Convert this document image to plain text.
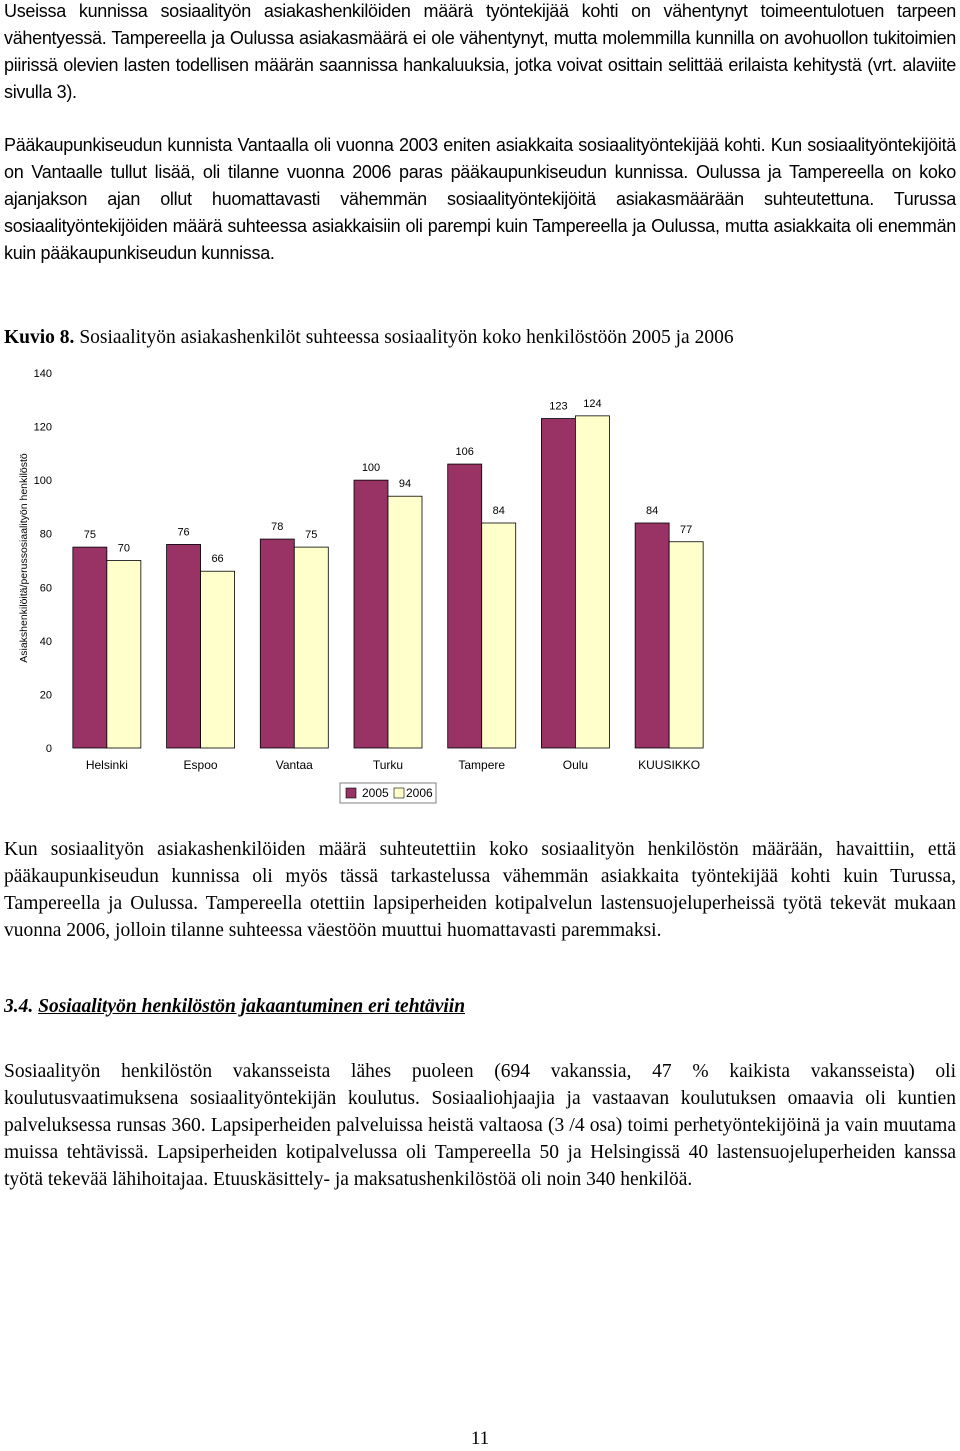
Useissa kunnissa sosiaalityön asiakashenkilöiden määrä työntekijää kohti on vähentynyt toimeentulotuen tarpeen vähentyessä. Tampereella ja Oulussa asiakasmäärä ei ole vähentynyt, mutta molemmilla kunnilla on avohuollon tukitoimien piirissä olevien lasten todellisen määrän saannissa hankaluuksia, jotka voivat osittain selittää erilaista kehitystä (vrt. alaviite sivulla 3).

Pääkaupunkiseudun kunnista Vantaalla oli vuonna 2003 eniten asiakkaita sosiaalityöntekijää kohti. Kun sosiaalityöntekijöitä on Vantaalle tullut lisää, oli tilanne vuonna 2006 paras pääkaupunkiseudun kunnissa. Oulussa ja Tampereella on koko ajanjakson ajan ollut huomattavasti vähemmän sosiaalityöntekijöitä asiakasmäärään suhteutettuna. Turussa sosiaalityöntekijöiden määrä suhteessa asiakkaisiin oli parempi kuin Tampereella ja Oulussa, mutta asiakkaita oli enemmän kuin pääkaupunkiseudun kunnissa.

Kuvio 8. Sosiaalityön asiakashenkilöt suhteessa sosiaalityön koko henkilöstöön 2005 ja 2006

Asiakshenkilöitä/perussosiaalityön henkilöstö
0
20
40
60
80
100
120
140
75
70
76
66
78
75
100
94
106
84
123 124
84
77
Helsinki	Espoo	Vantaa	Turku	Tampere	Oulu	KUUSIKKO
2005 2006

Kun sosiaalityön asiakashenkilöiden määrä suhteutettiin koko sosiaalityön henkilöstön määrään, havaittiin, että pääkaupunkiseudun kunnissa oli myös tässä tarkastelussa vähemmän asiakkaita työntekijää kohti kuin Turussa, Tampereella ja Oulussa. Tampereella otettiin lapsiperheiden kotipalvelun lastensuojeluperheissä työtä tekevät mukaan vuonna 2006, jolloin tilanne suhteessa väestöön muuttui huomattavasti paremmaksi.

3.4. Sosiaalityön henkilöstön jakaantuminen eri tehtäviin

Sosiaalityön henkilöstön vakansseista lähes puoleen (694 vakanssia, 47 % kaikista vakansseista) oli koulutusvaatimuksena sosiaalityöntekijän koulutus. Sosiaaliohjaajia ja vastaavan koulutuksen omaavia oli kuntien palveluksessa runsas 360. Lapsiperheiden palveluissa heistä valtaosa (3 /4 osa) toimi perhetyöntekijöinä ja vain muutama muissa tehtävissä. Lapsiperheiden kotipalvelussa oli Tampereella 50 ja Helsingissä 40 lastensuojeluperheiden kanssa työtä tekevää lähihoitajaa. Etuuskäsittely- ja maksatushenkilöstöä oli noin 340 henkilöä.

11
